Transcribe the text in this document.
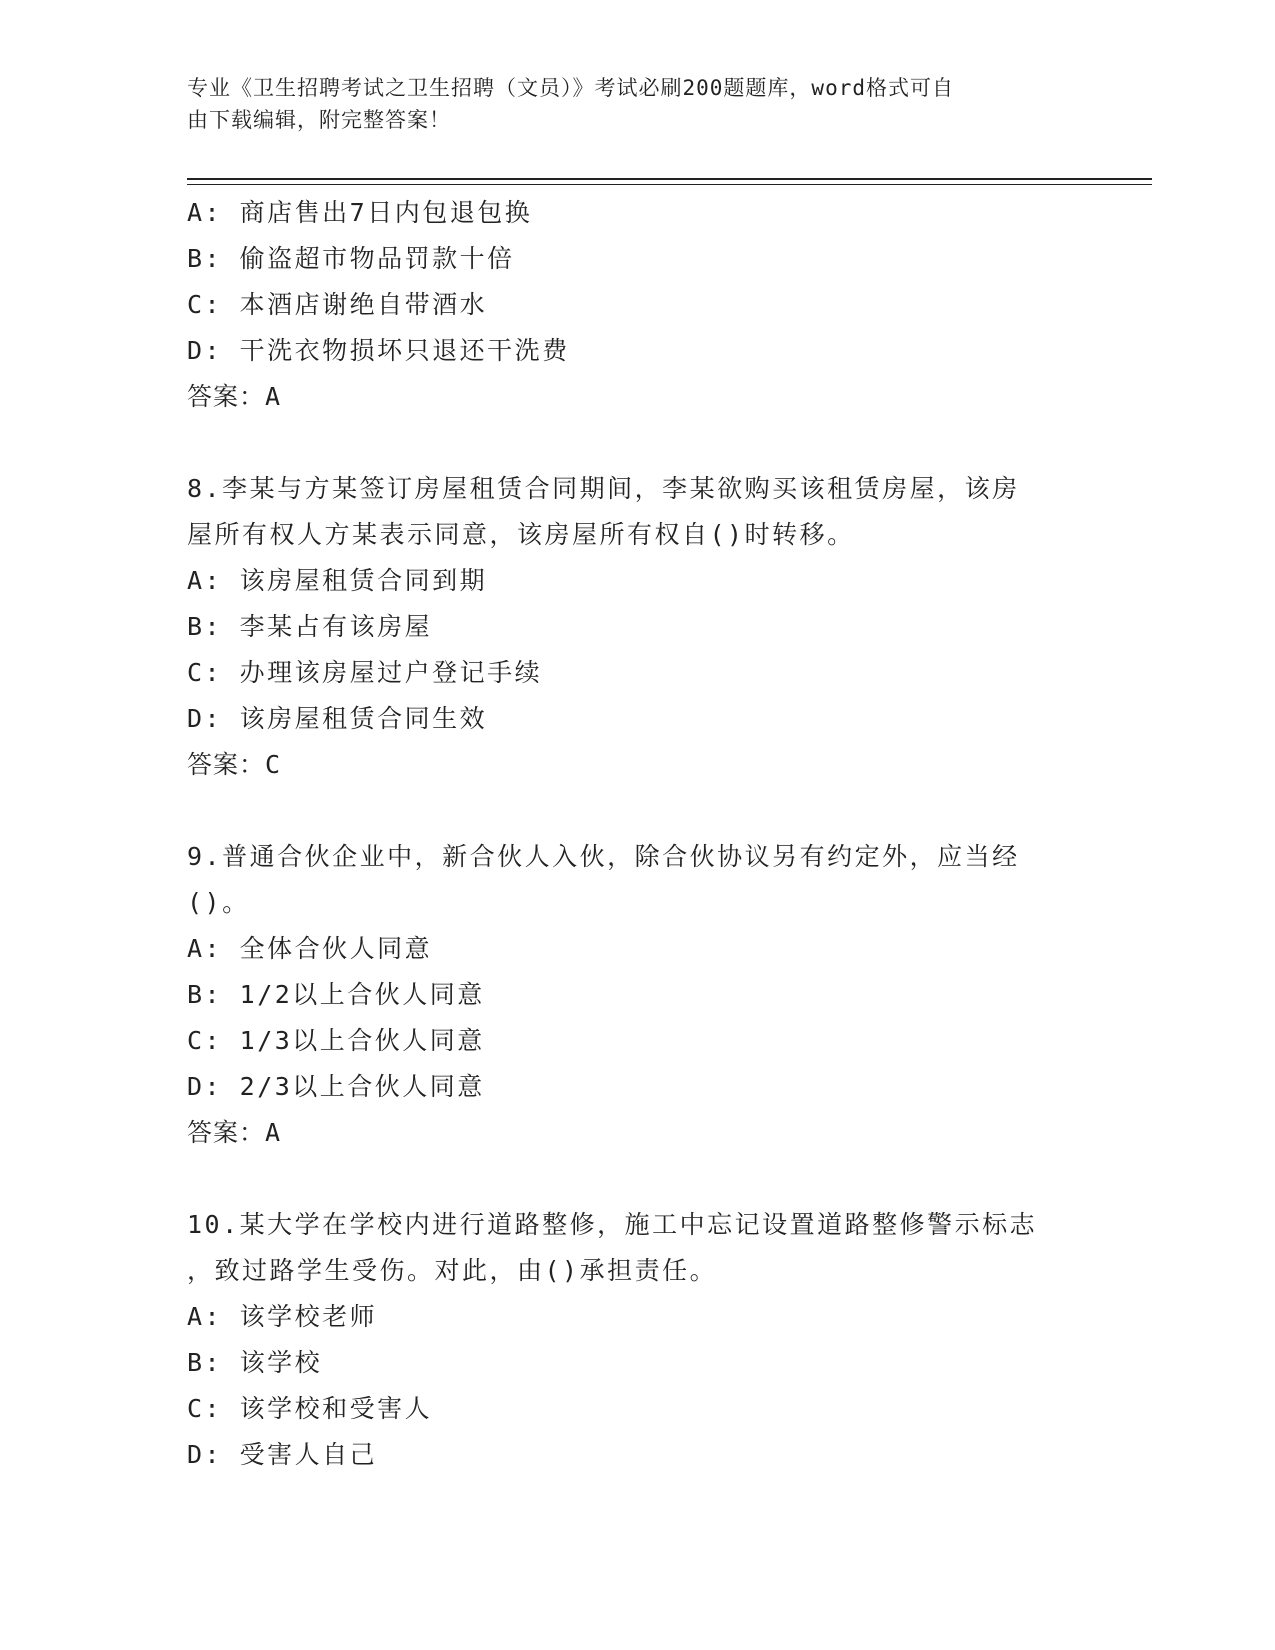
专业《卫生招聘考试之卫生招聘（文员）》考试必刷200题题库，word格式可自
由下载编辑，附完整答案！
A: 商店售出7日内包退包换
B: 偷盗超市物品罚款十倍
C: 本酒店谢绝自带酒水
D: 干洗衣物损坏只退还干洗费
答案：A
8.李某与方某签订房屋租赁合同期间，李某欲购买该租赁房屋，该房
屋所有权人方某表示同意，该房屋所有权自()时转移。
A: 该房屋租赁合同到期
B: 李某占有该房屋
C: 办理该房屋过户登记手续
D: 该房屋租赁合同生效
答案：C
9.普通合伙企业中，新合伙人入伙，除合伙协议另有约定外，应当经
()。
A: 全体合伙人同意
B: 1/2以上合伙人同意
C: 1/3以上合伙人同意
D: 2/3以上合伙人同意
答案：A
10.某大学在学校内进行道路整修，施工中忘记设置道路整修警示标志
，致过路学生受伤。对此，由()承担责任。
A: 该学校老师
B: 该学校
C: 该学校和受害人
D: 受害人自己
